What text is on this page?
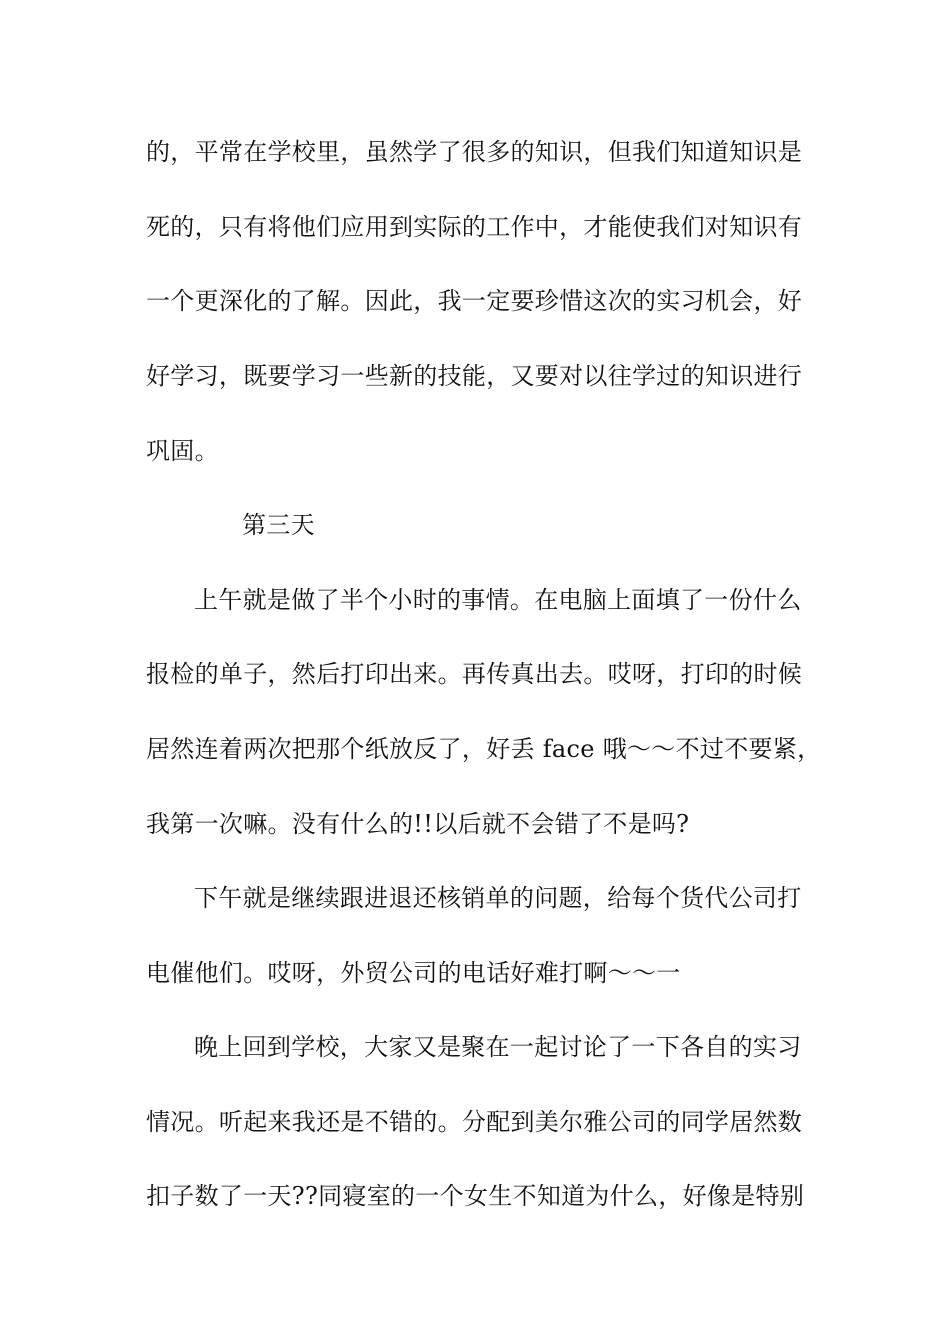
的，平常在学校里，虽然学了很多的知识，但我们知道知识是
死的，只有将他们应用到实际的工作中，才能使我们对知识有
一个更深化的了解。因此，我一定要珍惜这次的实习机会，好
好学习，既要学习一些新的技能，又要对以往学过的知识进行
巩固。
第三天
上午就是做了半个小时的事情。在电脑上面填了一份什么
报检的单子，然后打印出来。再传真出去。哎呀，打印的时候
居然连着两次把那个纸放反了，好丢 face 哦～～不过不要紧，
我第一次嘛。没有什么的!!以后就不会错了不是吗?
下午就是继续跟进退还核销单的问题，给每个货代公司打
电催他们。哎呀，外贸公司的电话好难打啊～～一
晚上回到学校，大家又是聚在一起讨论了一下各自的实习
情况。听起来我还是不错的。分配到美尔雅公司的同学居然数
扣子数了一天??同寝室的一个女生不知道为什么，好像是特别
